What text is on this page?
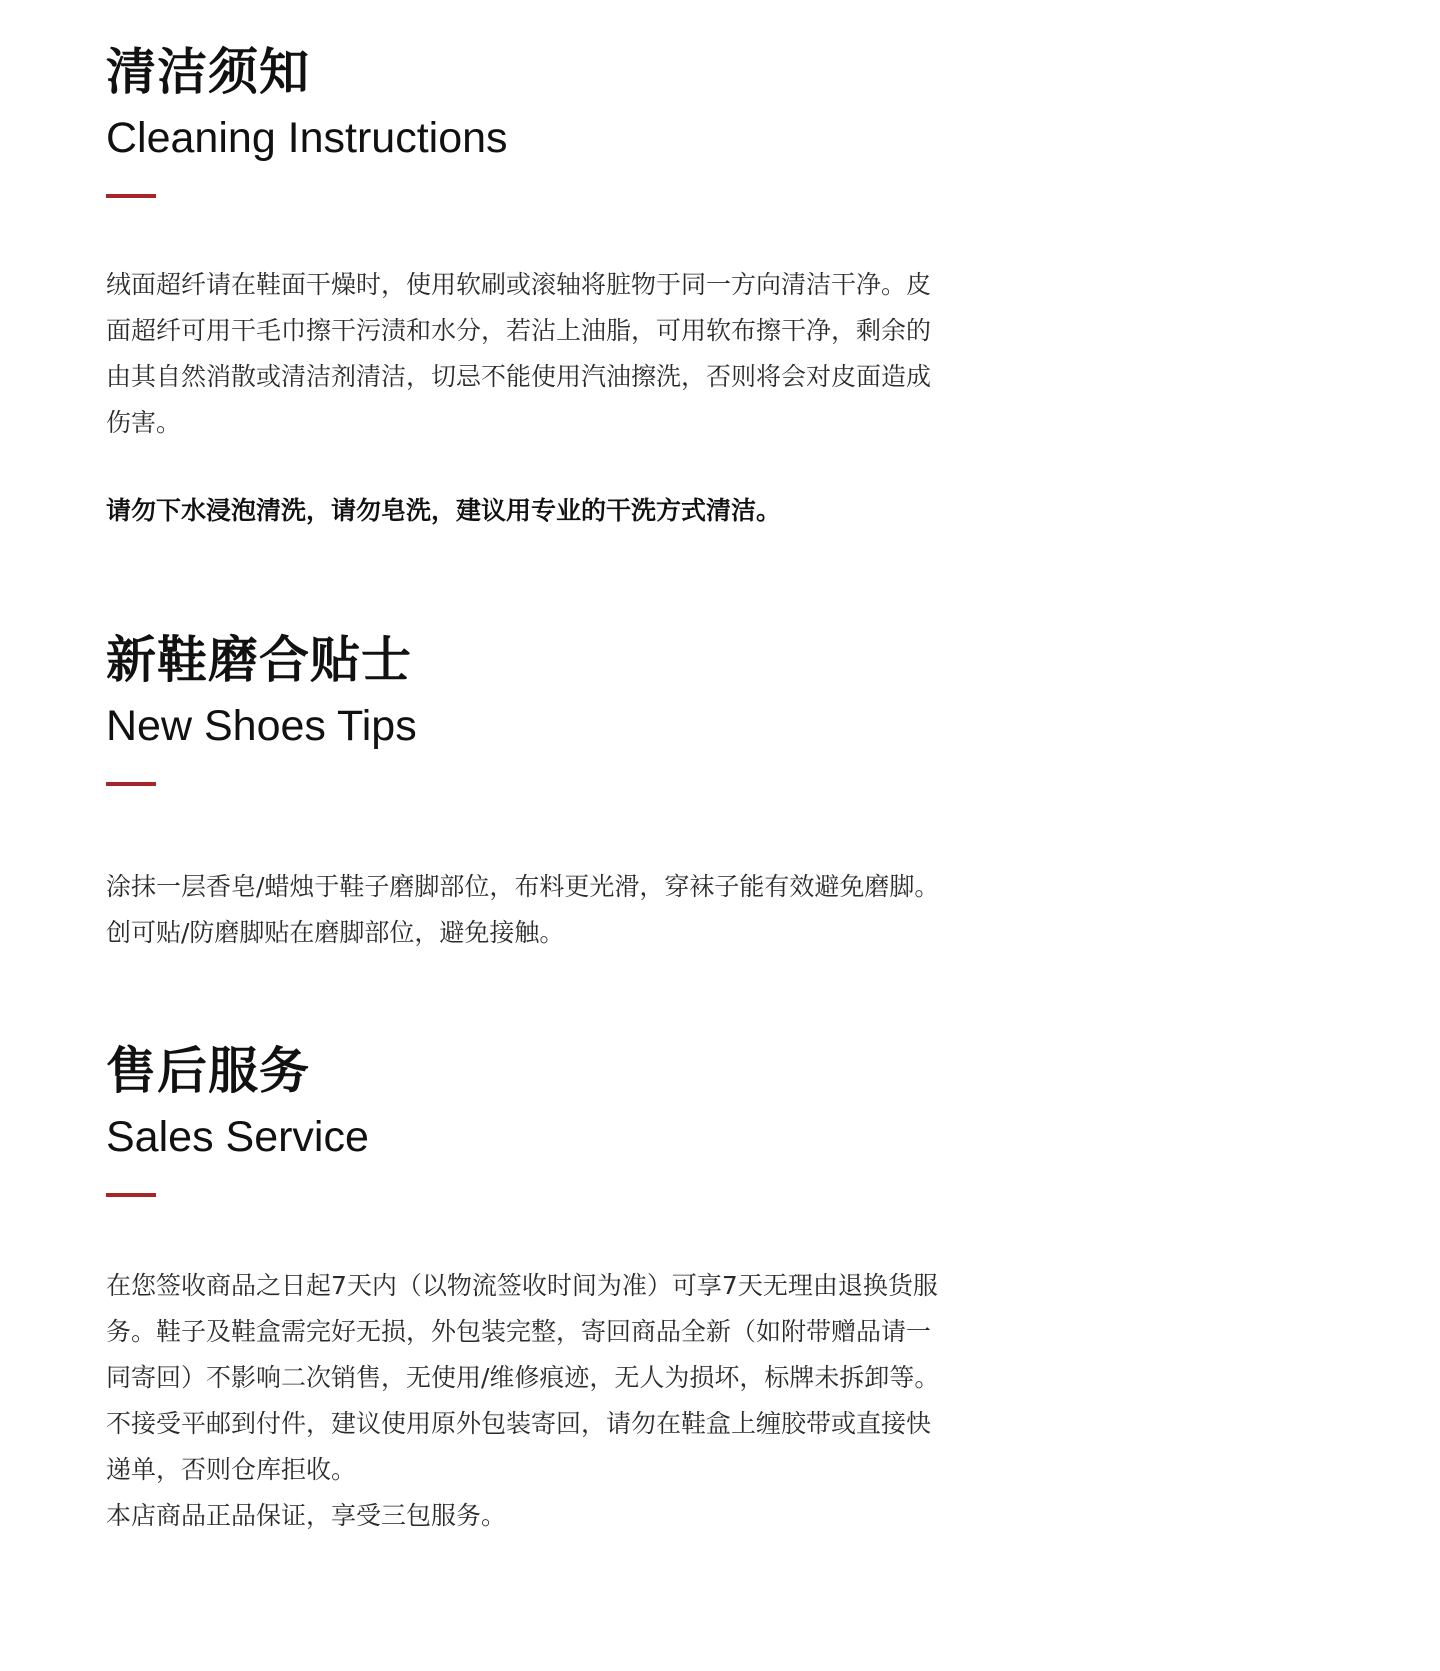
清洁须知
Cleaning Instructions

绒面超纤请在鞋面干燥时，使用软刷或滚轴将脏物于同一方向清洁干净。皮
面超纤可用干毛巾擦干污渍和水分，若沾上油脂，可用软布擦干净，剩余的
由其自然消散或清洁剂清洁，切忌不能使用汽油擦洗，否则将会对皮面造成
伤害。

请勿下水浸泡清洗，请勿皂洗，建议用专业的干洗方式清洁。

新鞋磨合贴士
New Shoes Tips

涂抹一层香皂/蜡烛于鞋子磨脚部位，布料更光滑，穿袜子能有效避免磨脚。
创可贴/防磨脚贴在磨脚部位，避免接触。

售后服务
Sales Service

在您签收商品之日起7天内（以物流签收时间为准）可享7天无理由退换货服
务。鞋子及鞋盒需完好无损，外包装完整，寄回商品全新（如附带赠品请一
同寄回）不影响二次销售，无使用/维修痕迹，无人为损坏，标牌未拆卸等。
不接受平邮到付件，建议使用原外包装寄回，请勿在鞋盒上缠胶带或直接快
递单，否则仓库拒收。
本店商品正品保证，享受三包服务。
